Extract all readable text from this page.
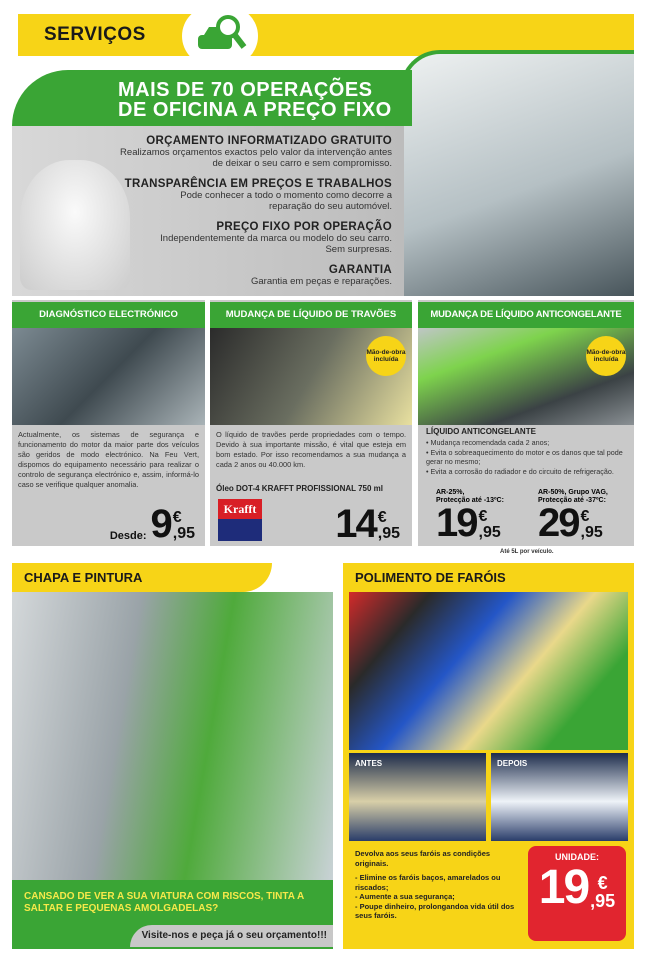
SERVIÇOS
MAIS DE 70 OPERAÇÕES
DE OFICINA A PREÇO FIXO
ORÇAMENTO INFORMATIZADO GRATUITO

Realizamos orçamentos exactos pelo valor da intervenção antes de deixar o seu carro e sem compromisso.

TRANSPARÊNCIA EM PREÇOS E TRABALHOS

Pode conhecer a todo o momento como decorre a reparação do seu automóvel.

PREÇO FIXO POR OPERAÇÃO

Independentemente da marca ou modelo do seu carro. Sem surpresas.

GARANTIA

Garantia em peças e reparações.

DIAGNÓSTICO ELECTRÓNICO
Actualmente, os sistemas de segurança e funcionamento do motor da maior parte dos veículos são geridos de modo electrónico. Na Feu Vert, dispomos do equipamento necessário para realizar o controlo de segurança electrónico e, assim, informá-lo caso se verifique qualquer anomalia.
Desde: 9 €
,95
MUDANÇA DE LÍQUIDO DE TRAVÕES
Mão-de-obra incluída
O líquido de travões perde propriedades com o tempo. Devido à sua importante missão, é vital que esteja em bom estado. Por isso recomendamos a sua mudança a cada 2 anos ou 40.000 km.
Óleo DOT-4 KRAFFT PROFISSIONAL 750 ml
Krafft 14 €
,95
MUDANÇA DE LÍQUIDO ANTICONGELANTE
Mão-de-obra incluída
LÍQUIDO ANTICONGELANTE
• Mudança recomendada cada 2 anos;
• Evita o sobreaquecimento do motor e os danos que tal pode gerar no mesmo;
• Evita a corrosão do radiador e do circuito de refrigeração.
AR-25%,
Protecção até -13ºC:
19 €
,95
AR-50%, Grupo VAG,
Protecção até -37ºC:
29 €
,95
Até 5L por veículo.
CHAPA E PINTURA
CANSADO DE VER A SUA VIATURA COM RISCOS, TINTA A SALTAR E PEQUENAS AMOLGADELAS?
Visite-nos e peça já o seu orçamento!!!
POLIMENTO DE FARÓIS
ANTES	DEPOIS
Devolva aos seus faróis as condições originais.
- Elimine os faróis baços, amarelados ou riscados;
- Aumente a sua segurança;
- Poupe dinheiro, prolongandoa vida útil dos seus faróis.
UNIDADE:
19 €
,95
